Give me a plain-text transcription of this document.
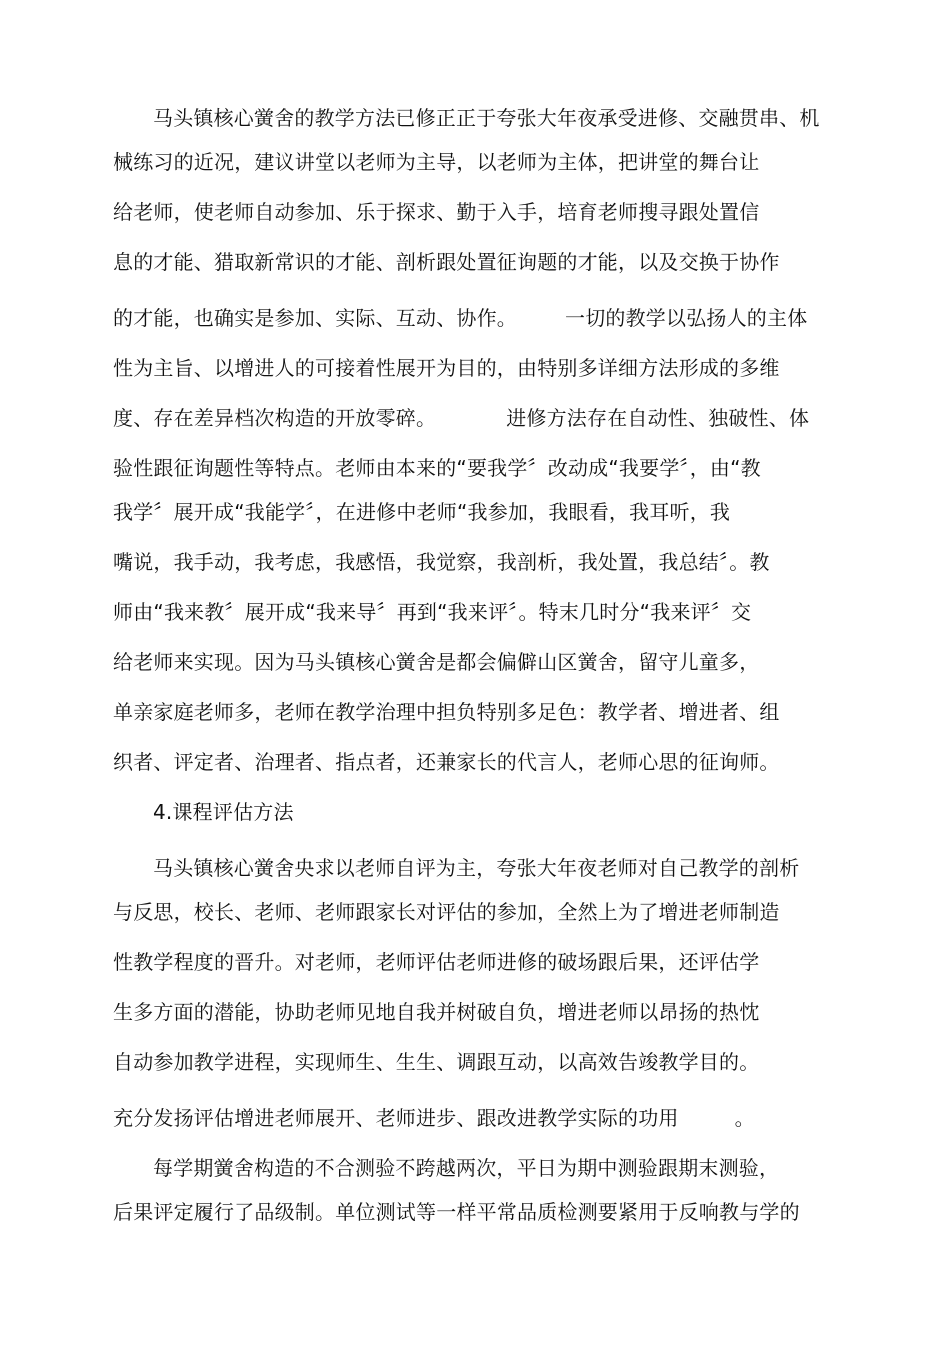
马头镇核心黉舍的教学方法已修正正于夸张大年夜承受进修、交融贯串、机
械练习的近况，建议讲堂以老师为主导，以老师为主体，把讲堂的舞台让
给老师，使老师自动参加、乐于探求、勤于入手，培育老师搜寻跟处置信
息的才能、猎取新常识的才能、剖析跟处置征询题的才能，以及交换于协作
的才能，也确实是参加、实际、互动、协作。 一切的教学以弘扬人的主体
性为主旨、以增进人的可接着性展开为目的，由特别多详细方法形成的多维
度、存在差异档次构造的开放零碎。	进修方法存在自动性、独破性、体
验性跟征询题性等特点。老师由本来的“要我学〞改动成“我要学〞，由“教
我学〞展开成“我能学〞，在进修中老师“我参加，我眼看，我耳听，我
嘴说，我手动，我考虑，我感悟，我觉察，我剖析，我处置，我总结〞。教
师由“我来教〞展开成“我来导〞再到“我来评〞。特末几时分“我来评〞交
给老师来实现。因为马头镇核心黉舍是都会偏僻山区黉舍，留守儿童多，
单亲家庭老师多，老师在教学治理中担负特别多足色：教学者、增进者、组
织者、评定者、治理者、指点者，还兼家长的代言人，老师心思的征询师。
4.课程评估方法
马头镇核心黉舍央求以老师自评为主，夸张大年夜老师对自己教学的剖析
与反思，校长、老师、老师跟家长对评估的参加，全然上为了增进老师制造
性教学程度的晋升。对老师，老师评估老师进修的破场跟后果，还评估学
生多方面的潜能，协助老师见地自我并树破自负，增进老师以昂扬的热忱
自动参加教学进程，实现师生、生生、调跟互动，以高效告竣教学目的。
充分发扬评估增进老师展开、老师进步、跟改进教学实际的功用	。
每学期黉舍构造的不合测验不跨越两次，平日为期中测验跟期末测验，
后果评定履行了品级制。单位测试等一样平常品质检测要紧用于反响教与学的
